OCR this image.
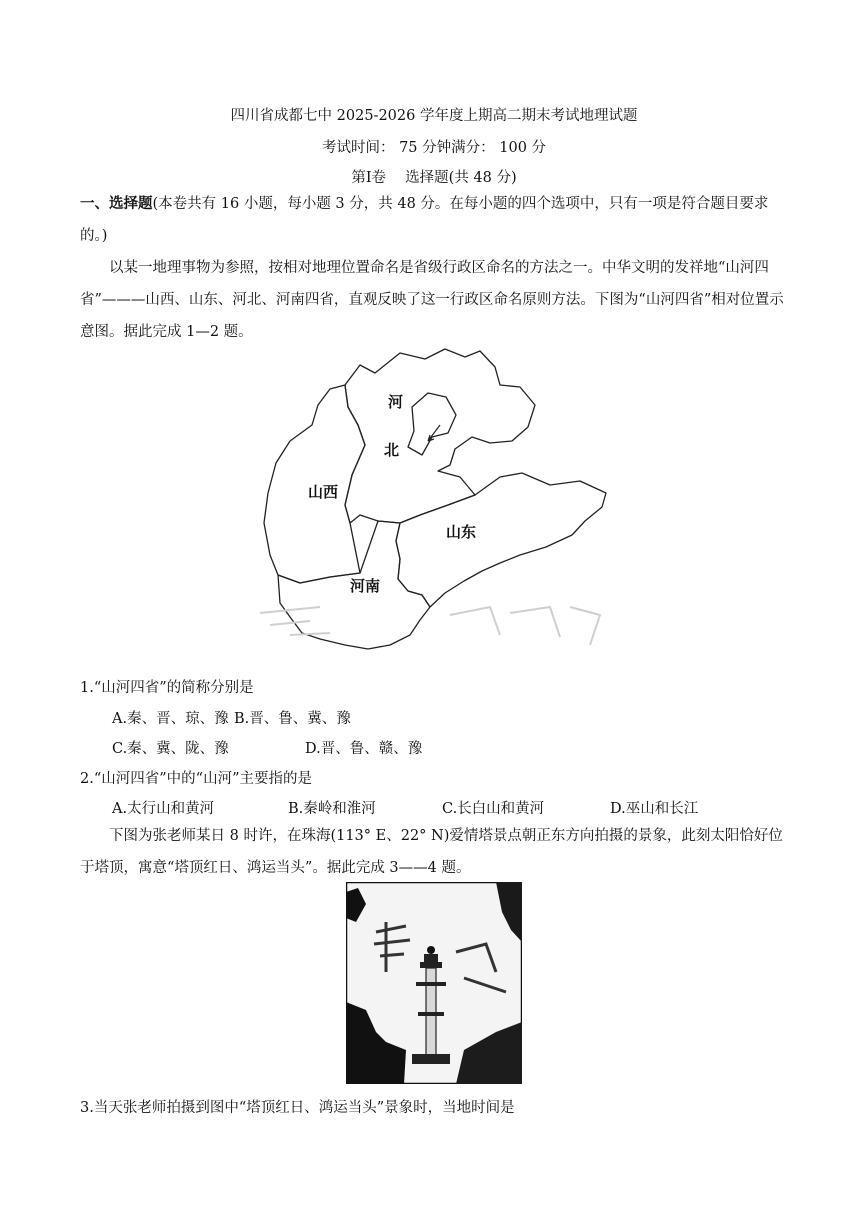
四川省成都七中 2025-2026 学年度上期高二期末考试地理试题
考试时间： 75 分钟满分： 100 分
第Ⅰ卷　 选择题(共 48 分)
一、选择题(本卷共有 16 小题，每小题 3 分，共 48 分。在每小题的四个选项中，只有一项是符合题目要求的。)
以某一地理事物为参照，按相对地理位置命名是省级行政区命名的方法之一。中华文明的发祥地“山河四省”———山西、山东、河北、河南四省，直观反映了这一行政区命名原则方法。下图为“山河四省”相对位置示意图。据此完成 1—2 题。
河
北
山西
山东
河南
1.“山河四省”的简称分别是
A.秦、晋、琼、豫 B.晋、鲁、冀、豫
C.秦、冀、陇、豫	D.晋、鲁、赣、豫
2.“山河四省”中的“山河”主要指的是
A.太行山和黄河	B.秦岭和淮河	C.长白山和黄河	D.巫山和长江
下图为张老师某日 8 时许，在珠海(113° E、22° N)爱情塔景点朝正东方向拍摄的景象，此刻太阳恰好位于塔顶，寓意“塔顶红日、鸿运当头”。据此完成 3——4 题。
3.当天张老师拍摄到图中“塔顶红日、鸿运当头”景象时，当地时间是
